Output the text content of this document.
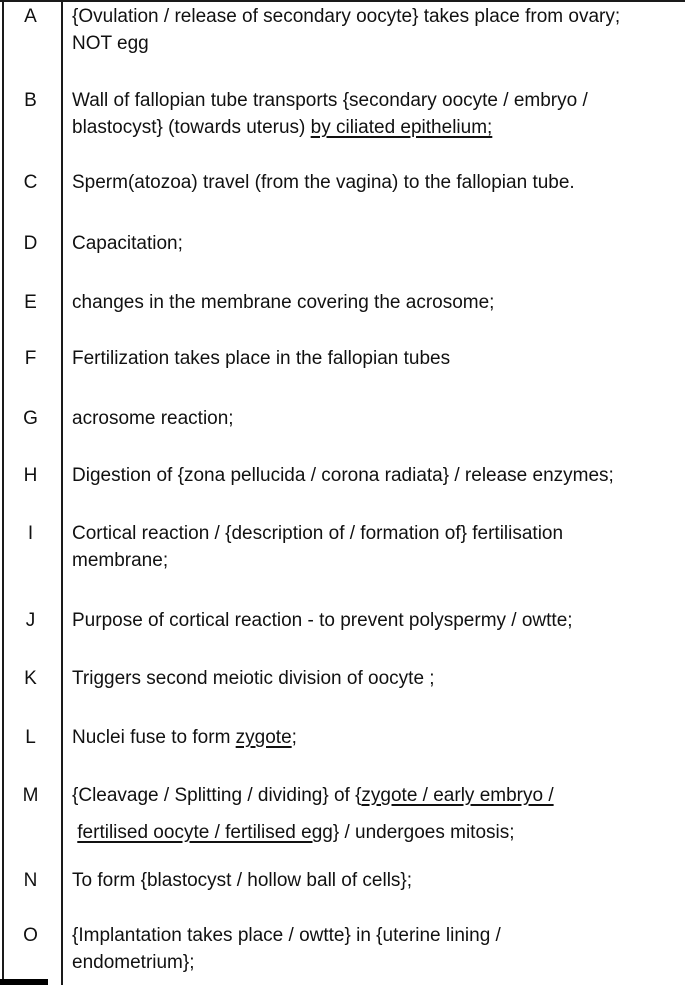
A	{Ovulation / release of secondary oocyte} takes place from ovary;
NOT egg
B	Wall of fallopian tube transports {secondary oocyte / embryo /
blastocyst} (towards uterus) by ciliated epithelium;
C	Sperm(atozoa) travel (from the vagina) to the fallopian tube.
D	Capacitation;
E	changes in the membrane covering the acrosome;
F	Fertilization takes place in the fallopian tubes
G	acrosome reaction;
H	Digestion of {zona pellucida / corona radiata} / release enzymes;
I	Cortical reaction / {description of / formation of} fertilisation
membrane;
J	Purpose of cortical reaction - to prevent polyspermy / owtte;
K	Triggers second meiotic division of oocyte ;
L	Nuclei fuse to form zygote;
M	{Cleavage / Splitting / dividing} of {zygote / early embryo /
fertilised oocyte / fertilised egg} / undergoes mitosis;
N	To form {blastocyst / hollow ball of cells};
O	{Implantation takes place / owtte} in {uterine lining /
endometrium};
